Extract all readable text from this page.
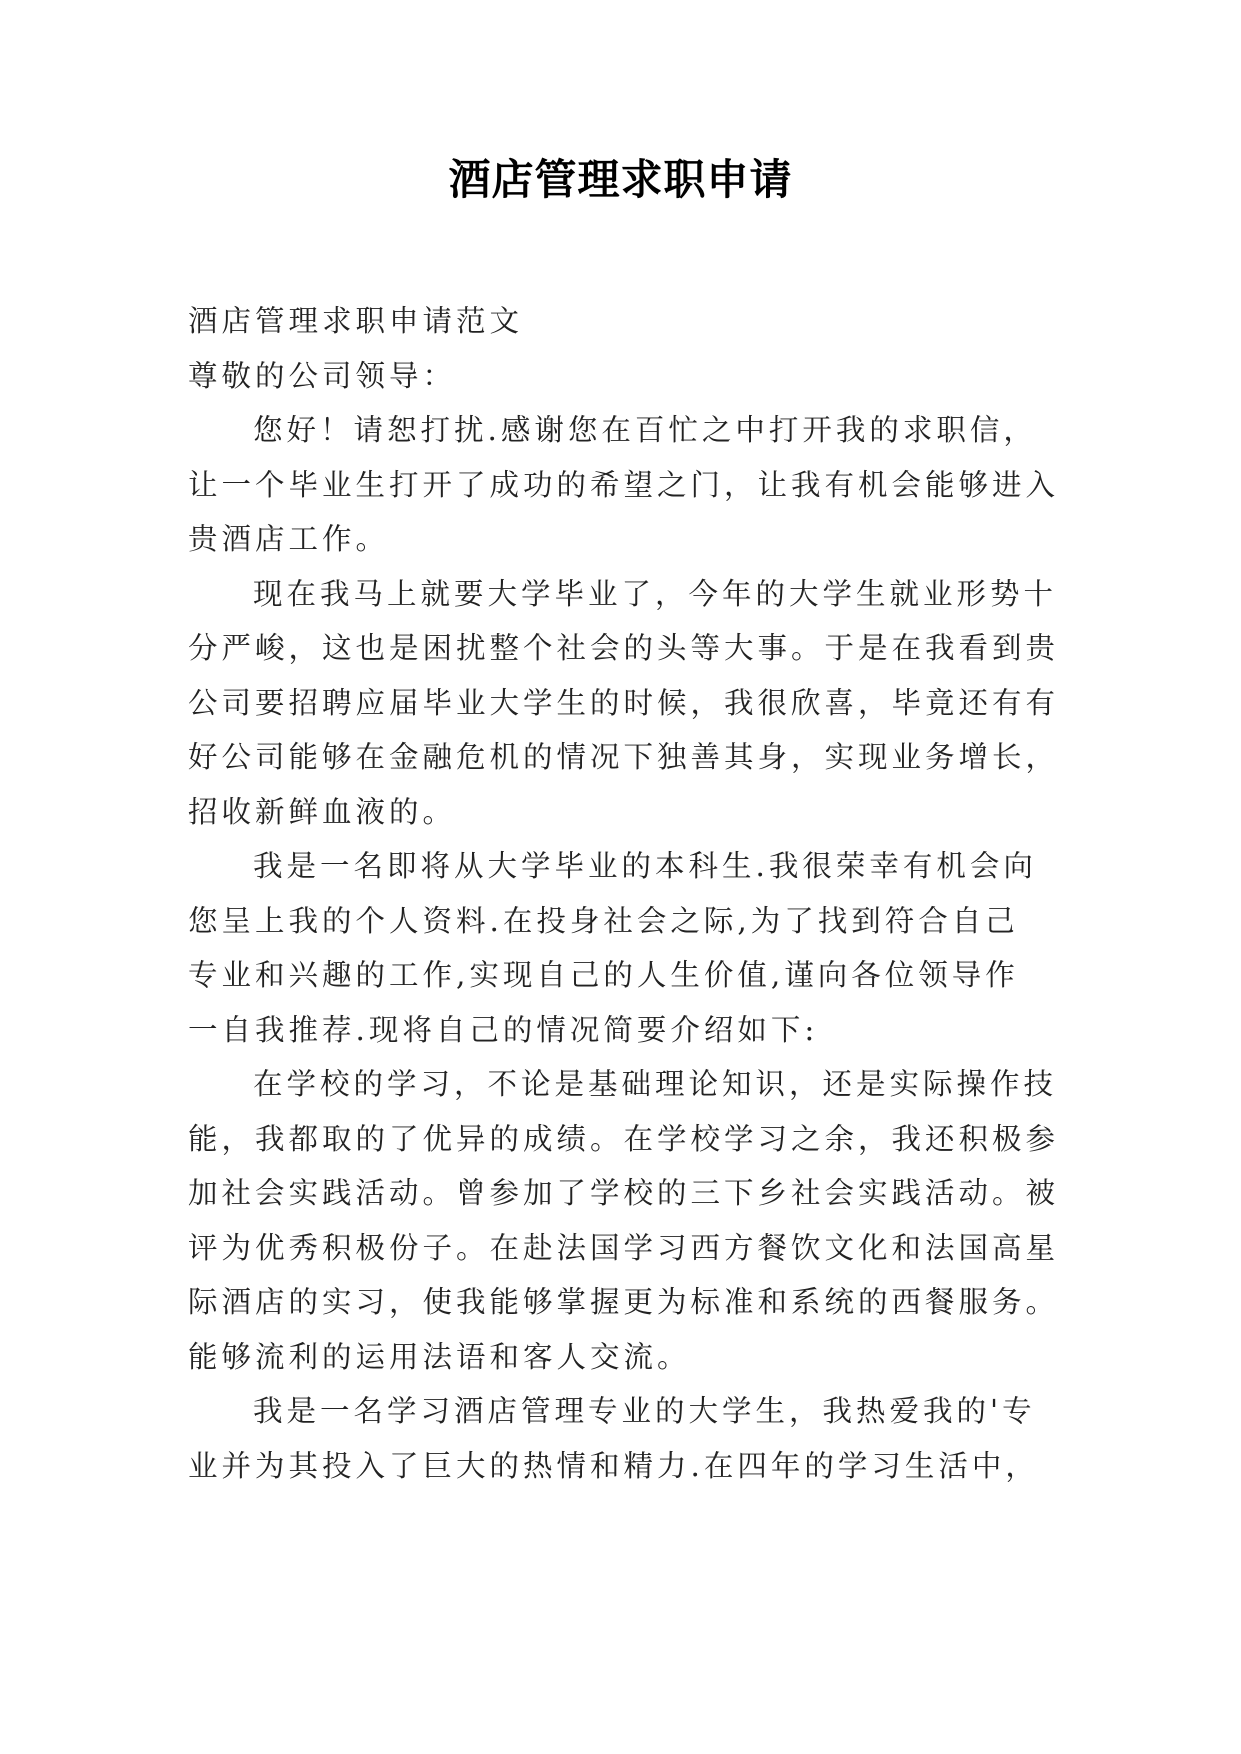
酒店管理求职申请
酒店管理求职申请范文
尊敬的公司领导：
您好！请恕打扰.感谢您在百忙之中打开我的求职信，
让一个毕业生打开了成功的希望之门，让我有机会能够进入
贵酒店工作。
现在我马上就要大学毕业了，今年的大学生就业形势十
分严峻，这也是困扰整个社会的头等大事。于是在我看到贵
公司要招聘应届毕业大学生的时候，我很欣喜，毕竟还有有
好公司能够在金融危机的情况下独善其身，实现业务增长，
招收新鲜血液的。
我是一名即将从大学毕业的本科生.我很荣幸有机会向
您呈上我的个人资料.在投身社会之际,为了找到符合自己
专业和兴趣的工作,实现自己的人生价值,谨向各位领导作
一自我推荐.现将自己的情况简要介绍如下:
在学校的学习，不论是基础理论知识，还是实际操作技
能，我都取的了优异的成绩。在学校学习之余，我还积极参
加社会实践活动。曾参加了学校的三下乡社会实践活动。被
评为优秀积极份子。在赴法国学习西方餐饮文化和法国高星
际酒店的实习，使我能够掌握更为标准和系统的西餐服务。
能够流利的运用法语和客人交流。
我是一名学习酒店管理专业的大学生，我热爱我的'专
业并为其投入了巨大的热情和精力.在四年的学习生活中，
